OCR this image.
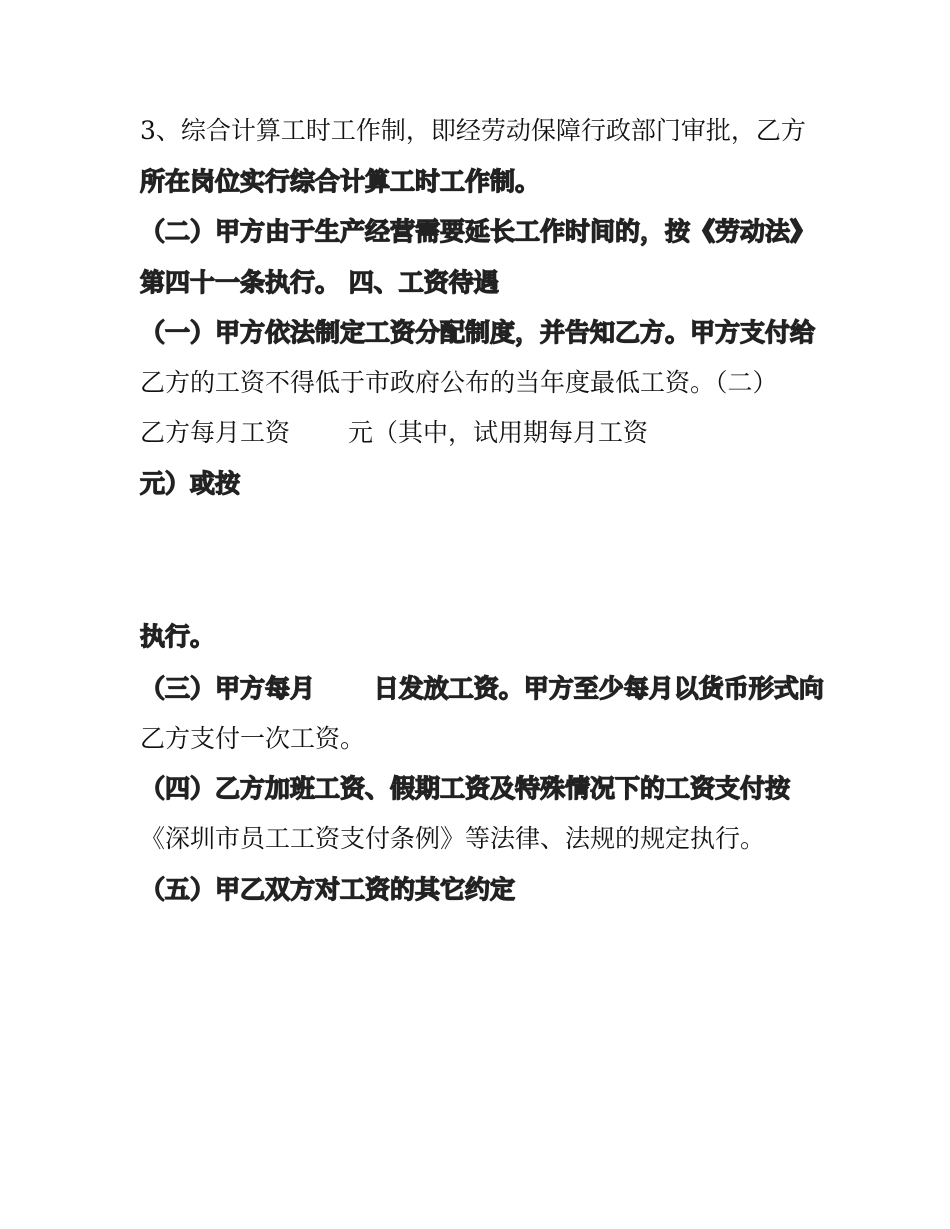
3、综合计算工时工作制，即经劳动保障行政部门审批，乙方

所在岗位实行综合计算工时工作制。

（二）甲方由于生产经营需要延长工作时间的，按《劳动法》

第四十一条执行。 四、工资待遇

（一）甲方依法制定工资分配制度，并告知乙方。甲方支付给

乙方的工资不得低于市政府公布的当年度最低工资。（二）

乙方每月工资　　 元（其中，试用期每月工资

元）或按

执行。

（三）甲方每月　　 日发放工资。甲方至少每月以货币形式向

乙方支付一次工资。

（四）乙方加班工资、假期工资及特殊情况下的工资支付按

《深圳市员工工资支付条例》等法律、法规的规定执行。

（五）甲乙双方对工资的其它约定
